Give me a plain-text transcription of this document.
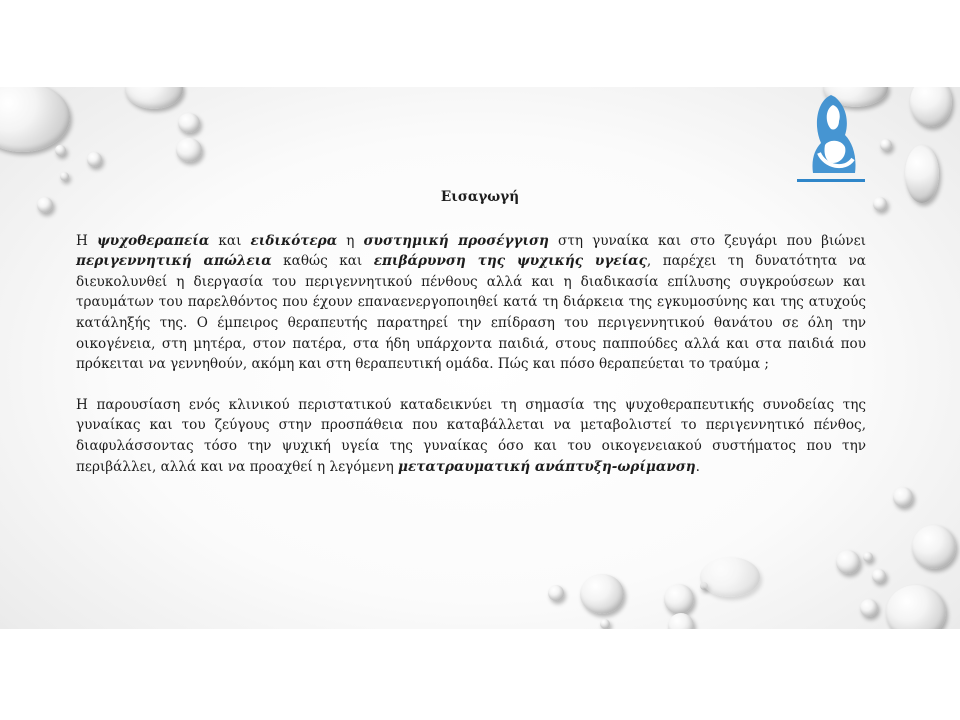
Εισαγωγή

Η ψυχοθεραπεία και ειδικότερα η συστημική προσέγγιση στη γυναίκα και στο ζευγάρι που βιώνει περιγεννητική απώλεια καθώς και επιβάρυνση της ψυχικής υγείας, παρέχει τη δυνατότητα να διευκολυνθεί η διεργασία του περιγεννητικού πένθους αλλά και η διαδικασία επίλυσης συγκρούσεων και τραυμάτων του παρελθόντος που έχουν επαναενεργοποιηθεί κατά τη διάρκεια της εγκυμοσύνης και της ατυχούς κατάληξής της. Ο έμπειρος θεραπευτής παρατηρεί την επίδραση του περιγεννητικού θανάτου σε όλη την οικογένεια, στη μητέρα, στον πατέρα, στα ήδη υπάρχοντα παιδιά, στους παππούδες αλλά και στα παιδιά που πρόκειται να γεννηθούν, ακόμη και στη θεραπευτική ομάδα. Πώς και πόσο θεραπεύεται το τραύμα ;

Η παρουσίαση ενός κλινικού περιστατικού καταδεικνύει τη σημασία της ψυχοθεραπευτικής συνοδείας της γυναίκας και του ζεύγους στην προσπάθεια που καταβάλλεται να μεταβολιστεί το περιγεννητικό πένθος, διαφυλάσσοντας τόσο την ψυχική υγεία της γυναίκας όσο και του οικογενειακού συστήματος που την περιβάλλει, αλλά και να προαχθεί η λεγόμενη μετατραυματική ανάπτυξη-ωρίμανση.
